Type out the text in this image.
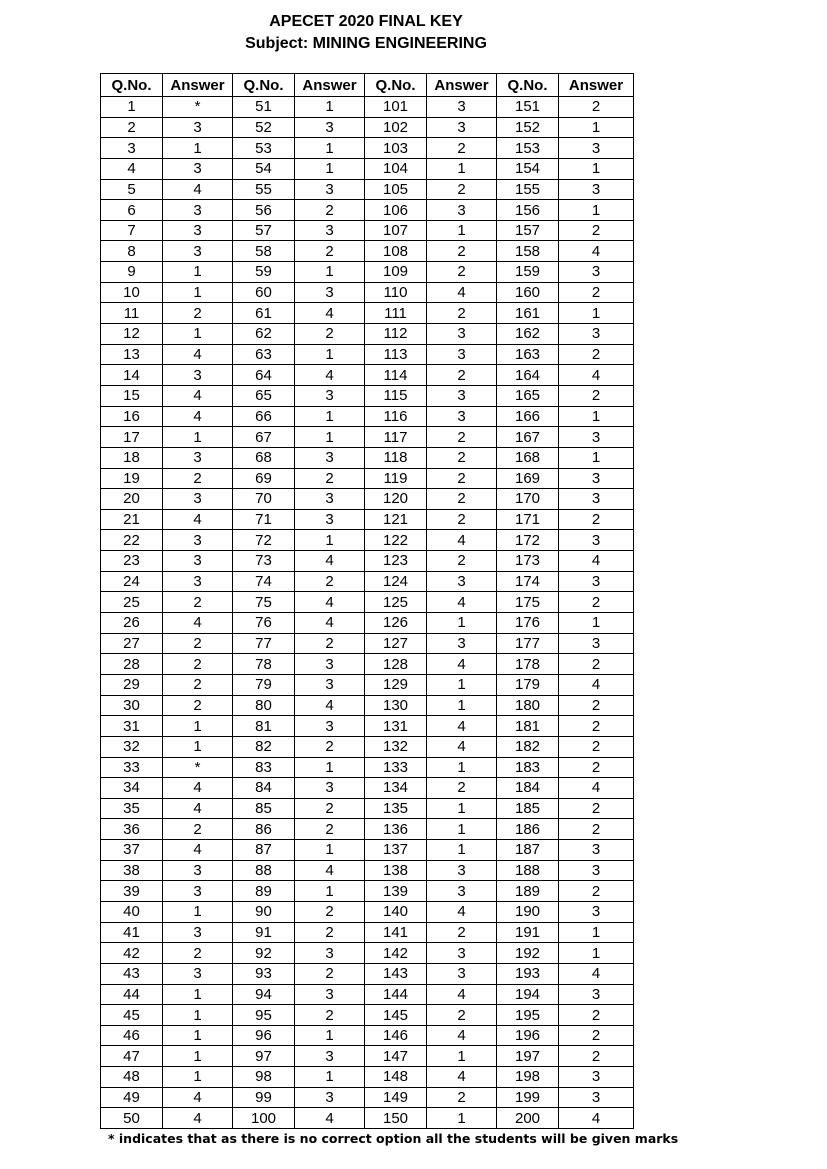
APECET 2020 FINAL KEY
Subject: MINING ENGINEERING
Q.No.	Answer	Q.No.	Answer	Q.No.	Answer	Q.No.	Answer
1	*	51	1	101	3	151	2
2	3	52	3	102	3	152	1
3	1	53	1	103	2	153	3
4	3	54	1	104	1	154	1
5	4	55	3	105	2	155	3
6	3	56	2	106	3	156	1
7	3	57	3	107	1	157	2
8	3	58	2	108	2	158	4
9	1	59	1	109	2	159	3
10	1	60	3	110	4	160	2
11	2	61	4	111	2	161	1
12	1	62	2	112	3	162	3
13	4	63	1	113	3	163	2
14	3	64	4	114	2	164	4
15	4	65	3	115	3	165	2
16	4	66	1	116	3	166	1
17	1	67	1	117	2	167	3
18	3	68	3	118	2	168	1
19	2	69	2	119	2	169	3
20	3	70	3	120	2	170	3
21	4	71	3	121	2	171	2
22	3	72	1	122	4	172	3
23	3	73	4	123	2	173	4
24	3	74	2	124	3	174	3
25	2	75	4	125	4	175	2
26	4	76	4	126	1	176	1
27	2	77	2	127	3	177	3
28	2	78	3	128	4	178	2
29	2	79	3	129	1	179	4
30	2	80	4	130	1	180	2
31	1	81	3	131	4	181	2
32	1	82	2	132	4	182	2
33	*	83	1	133	1	183	2
34	4	84	3	134	2	184	4
35	4	85	2	135	1	185	2
36	2	86	2	136	1	186	2
37	4	87	1	137	1	187	3
38	3	88	4	138	3	188	3
39	3	89	1	139	3	189	2
40	1	90	2	140	4	190	3
41	3	91	2	141	2	191	1
42	2	92	3	142	3	192	1
43	3	93	2	143	3	193	4
44	1	94	3	144	4	194	3
45	1	95	2	145	2	195	2
46	1	96	1	146	4	196	2
47	1	97	3	147	1	197	2
48	1	98	1	148	4	198	3
49	4	99	3	149	2	199	3
50	4	100	4	150	1	200	4
* indicates that as there is no correct option all the students will be given marks
